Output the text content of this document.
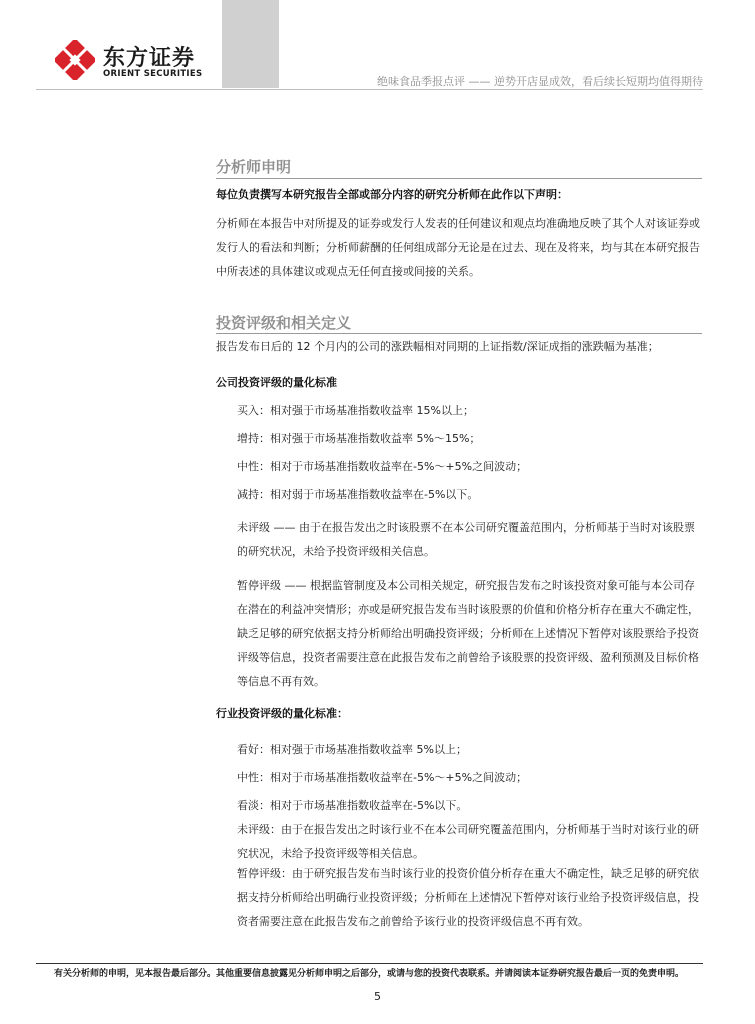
东方证券
ORIENT SECURITIES
绝味食品季报点评 —— 逆势开店显成效，看后续长短期均值得期待
分析师申明
每位负责撰写本研究报告全部或部分内容的研究分析师在此作以下声明：
分析师在本报告中对所提及的证券或发行人发表的任何建议和观点均准确地反映了其个人对该证券或发行人的看法和判断；分析师薪酬的任何组成部分无论是在过去、现在及将来，均与其在本研究报告中所表述的具体建议或观点无任何直接或间接的关系。
投资评级和相关定义
报告发布日后的 12 个月内的公司的涨跌幅相对同期的上证指数/深证成指的涨跌幅为基准；
公司投资评级的量化标准
买入：相对强于市场基准指数收益率 15%以上；
增持：相对强于市场基准指数收益率 5%～15%；
中性：相对于市场基准指数收益率在-5%～+5%之间波动；
减持：相对弱于市场基准指数收益率在-5%以下。
未评级 —— 由于在报告发出之时该股票不在本公司研究覆盖范围内，分析师基于当时对该股票的研究状况，未给予投资评级相关信息。
暂停评级 —— 根据监管制度及本公司相关规定，研究报告发布之时该投资对象可能与本公司存在潜在的利益冲突情形；亦或是研究报告发布当时该股票的价值和价格分析存在重大不确定性，缺乏足够的研究依据支持分析师给出明确投资评级；分析师在上述情况下暂停对该股票给予投资评级等信息，投资者需要注意在此报告发布之前曾给予该股票的投资评级、盈利预测及目标价格等信息不再有效。
行业投资评级的量化标准：
看好：相对强于市场基准指数收益率 5%以上；
中性：相对于市场基准指数收益率在-5%～+5%之间波动；
看淡：相对于市场基准指数收益率在-5%以下。
未评级：由于在报告发出之时该行业不在本公司研究覆盖范围内，分析师基于当时对该行业的研究状况，未给予投资评级等相关信息。
暂停评级：由于研究报告发布当时该行业的投资价值分析存在重大不确定性，缺乏足够的研究依据支持分析师给出明确行业投资评级；分析师在上述情况下暂停对该行业给予投资评级信息，投资者需要注意在此报告发布之前曾给予该行业的投资评级信息不再有效。
有关分析师的申明，见本报告最后部分。其他重要信息披露见分析师申明之后部分，或请与您的投资代表联系。并请阅读本证券研究报告最后一页的免责申明。
5
